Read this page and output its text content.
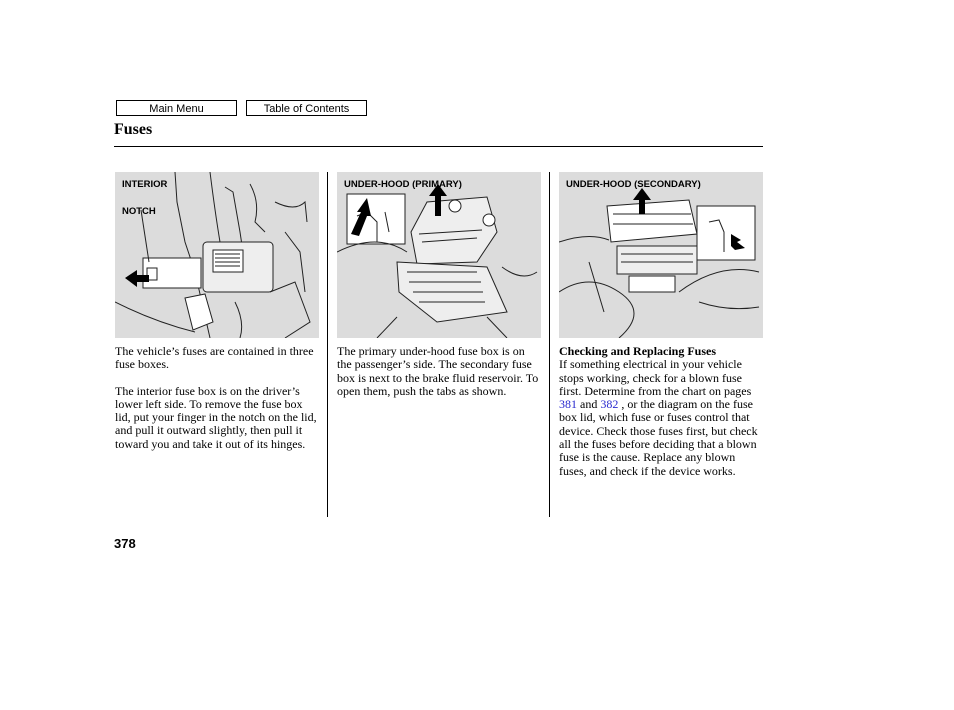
Main Menu	Table of Contents
Fuses
INTERIOR
NOTCH
UNDER-HOOD (PRIMARY)	UNDER-HOOD (SECONDARY)

The vehicle’s fuses are contained in three fuse boxes.

The interior fuse box is on the driver’s lower left side. To remove the fuse box lid, put your finger in the notch on the lid, and pull it outward slightly, then pull it toward you and take it out of its hinges.

The primary under-hood fuse box is on the passenger’s side. The secondary fuse box is next to the brake fluid reservoir. To open them, push the tabs as shown.

Checking and Replacing Fuses

If something electrical in your vehicle stops working, check for a blown fuse first. Determine from the chart on pages 381 and 382 , or the diagram on the fuse box lid, which fuse or fuses control that device. Check those fuses first, but check all the fuses before deciding that a blown fuse is the cause. Replace any blown fuses, and check if the device works.

378
